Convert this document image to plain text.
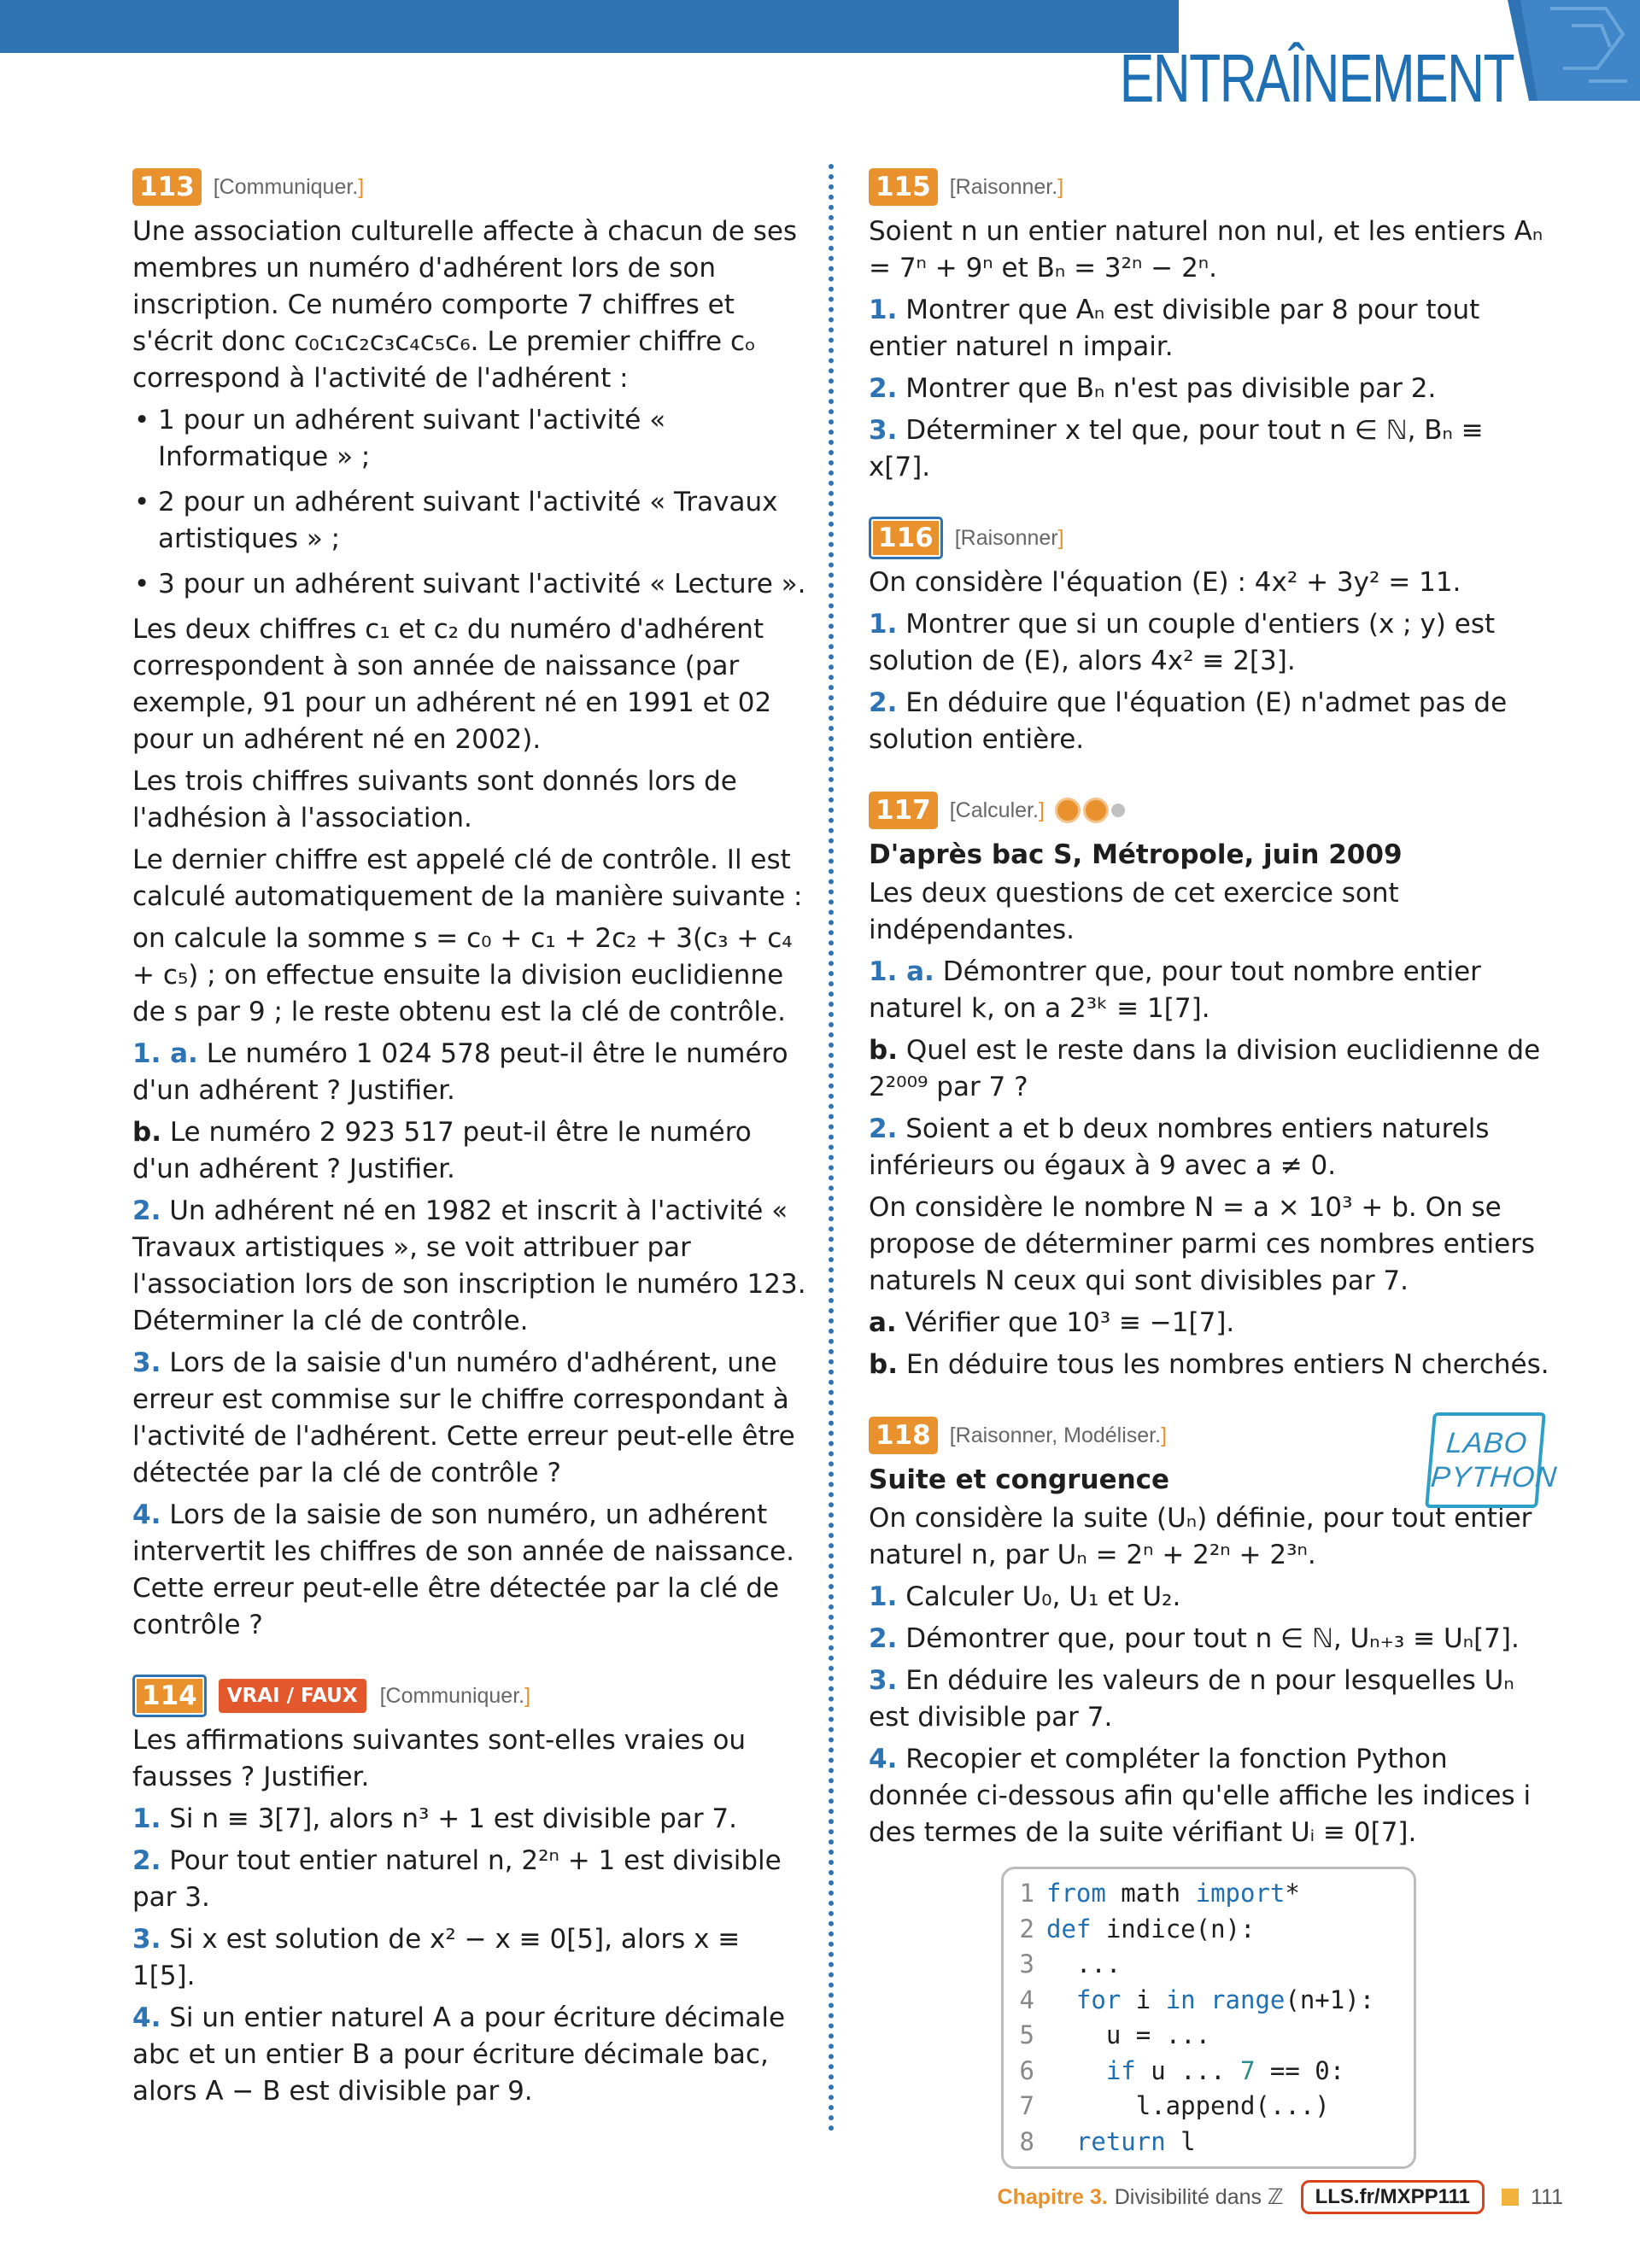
ENTRAÎNEMENT
113 [Communiquer.]

Une association culturelle affecte à chacun de ses membres un numéro d'adhérent lors de son inscription. Ce numéro comporte 7 chiffres et s'écrit donc c₀c₁c₂c₃c₄c₅c₆. Le premier chiffre cₒ correspond à l'activité de l'adhérent :

• 1 pour un adhérent suivant l'activité « Informatique » ;
• 2 pour un adhérent suivant l'activité « Travaux artistiques » ;
• 3 pour un adhérent suivant l'activité « Lecture ».

Les deux chiffres c₁ et c₂ du numéro d'adhérent correspondent à son année de naissance (par exemple, 91 pour un adhérent né en 1991 et 02 pour un adhérent né en 2002).

Les trois chiffres suivants sont donnés lors de l'adhésion à l'association.

Le dernier chiffre est appelé clé de contrôle. Il est calculé automatiquement de la manière suivante :

on calcule la somme s = c₀ + c₁ + 2c₂ + 3(c₃ + c₄ + c₅) ; on effectue ensuite la division euclidienne de s par 9 ; le reste obtenu est la clé de contrôle.

1. a. Le numéro 1 024 578 peut-il être le numéro d'un adhérent ? Justifier.

b. Le numéro 2 923 517 peut-il être le numéro d'un adhérent ? Justifier.

2. Un adhérent né en 1982 et inscrit à l'activité « Travaux artistiques », se voit attribuer par l'association lors de son inscription le numéro 123.

Déterminer la clé de contrôle.

3. Lors de la saisie d'un numéro d'adhérent, une erreur est commise sur le chiffre correspondant à l'activité de l'adhérent. Cette erreur peut-elle être détectée par la clé de contrôle ?

4. Lors de la saisie de son numéro, un adhérent intervertit les chiffres de son année de naissance. Cette erreur peut-elle être détectée par la clé de contrôle ?

114	VRAI / FAUX	[Communiquer.]

Les affirmations suivantes sont-elles vraies ou fausses ? Justifier.

1. Si n ≡ 3[7], alors n³ + 1 est divisible par 7.

2. Pour tout entier naturel n, 2²ⁿ + 1 est divisible par 3.

3. Si x est solution de x² − x ≡ 0[5], alors x ≡ 1[5].

4. Si un entier naturel A a pour écriture décimale abc et un entier B a pour écriture décimale bac, alors A − B est divisible par 9.

115 [Raisonner.]

Soient n un entier naturel non nul, et les entiers Aₙ = 7ⁿ + 9ⁿ et Bₙ = 3²ⁿ − 2ⁿ.

1. Montrer que Aₙ est divisible par 8 pour tout entier naturel n impair.

2. Montrer que Bₙ n'est pas divisible par 2.

3. Déterminer x tel que, pour tout n ∈ ℕ, Bₙ ≡ x[7].

116	[Raisonner]

On considère l'équation (E) : 4x² + 3y² = 11.

1. Montrer que si un couple d'entiers (x ; y) est solution de (E), alors 4x² ≡ 2[3].

2. En déduire que l'équation (E) n'admet pas de solution entière.

117 [Calculer.]

D'après bac S, Métropole, juin 2009

Les deux questions de cet exercice sont indépendantes.

1. a. Démontrer que, pour tout nombre entier naturel k, on a 2³ᵏ ≡ 1[7].

b. Quel est le reste dans la division euclidienne de 2²⁰⁰⁹ par 7 ?

2. Soient a et b deux nombres entiers naturels inférieurs ou égaux à 9 avec a ≠ 0.

On considère le nombre N = a × 10³ + b. On se propose de déterminer parmi ces nombres entiers naturels N ceux qui sont divisibles par 7.

a. Vérifier que 10³ ≡ −1[7].

b. En déduire tous les nombres entiers N cherchés.

LABO
PYTHON
118 [Raisonner, Modéliser.]

Suite et congruence

On considère la suite (Uₙ) définie, pour tout entier naturel n, par Uₙ = 2ⁿ + 2²ⁿ + 2³ⁿ.

1. Calculer U₀, U₁ et U₂.

2. Démontrer que, pour tout n ∈ ℕ, Uₙ₊₃ ≡ Uₙ[7].

3. En déduire les valeurs de n pour lesquelles Uₙ est divisible par 7.

4. Recopier et compléter la fonction Python donnée ci-dessous afin qu'elle affiche les indices i des termes de la suite vérifiant Uᵢ ≡ 0[7].

1 from math import*
2 def indice(n):
3  ...
4  for i in range(n+1):
5    u = ...
6    if u ... 7 == 0:
7      l.append(...)
8  return l
Chapitre 3. Divisibilité dans ℤ	LLS.fr/MXPP111	111
